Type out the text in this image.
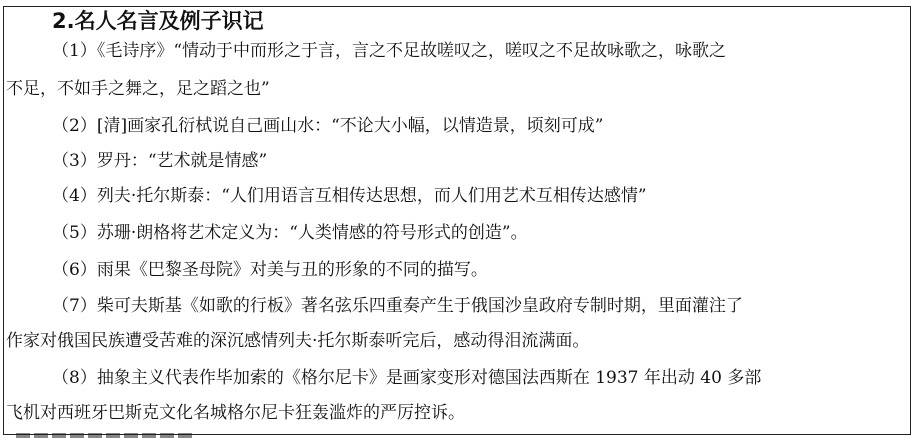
2.名人名言及例子识记
（1）《毛诗序》“情动于中而形之于言，言之不足故嗟叹之，嗟叹之不足故咏歌之，咏歌之
不足，不如手之舞之，足之蹈之也”
（2）[清]画家孔衍栻说自己画山水：“不论大小幅，以情造景，顷刻可成”
（3）罗丹：“艺术就是情感”
（4）列夫·托尔斯泰：“人们用语言互相传达思想，而人们用艺术互相传达感情”
（5）苏珊·朗格将艺术定义为：“人类情感的符号形式的创造”。
（6）雨果《巴黎圣母院》对美与丑的形象的不同的描写。
（7）柴可夫斯基《如歌的行板》著名弦乐四重奏产生于俄国沙皇政府专制时期，里面灌注了
作家对俄国民族遭受苦难的深沉感情列夫·托尔斯泰听完后，感动得泪流满面。
（8）抽象主义代表作毕加索的《格尔尼卡》是画家变形对德国法西斯在 1937 年出动 40 多部
飞机对西班牙巴斯克文化名城格尔尼卡狂轰滥炸的严厉控诉。
